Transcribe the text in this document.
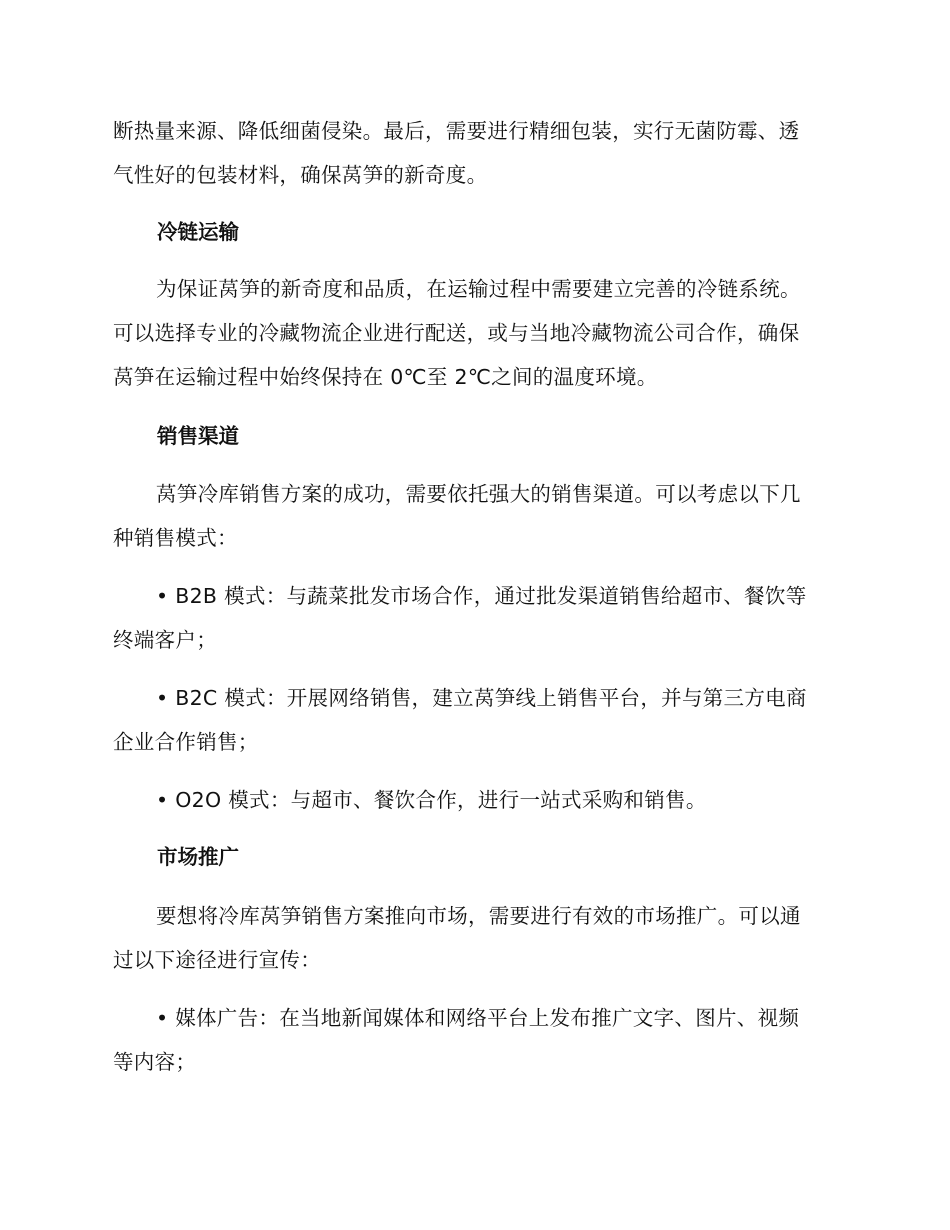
断热量来源、降低细菌侵染。最后，需要进行精细包装，实行无菌防霉、透
气性好的包装材料，确保莴笋的新奇度。
冷链运输
为保证莴笋的新奇度和品质，在运输过程中需要建立完善的冷链系统。
可以选择专业的冷藏物流企业进行配送，或与当地冷藏物流公司合作，确保
莴笋在运输过程中始终保持在 0℃至 2℃之间的温度环境。
销售渠道
莴笋冷库销售方案的成功，需要依托强大的销售渠道。可以考虑以下几
种销售模式：
• B2B 模式：与蔬菜批发市场合作，通过批发渠道销售给超市、餐饮等
终端客户；
• B2C 模式：开展网络销售，建立莴笋线上销售平台，并与第三方电商
企业合作销售；
• O2O 模式：与超市、餐饮合作，进行一站式采购和销售。
市场推广
要想将冷库莴笋销售方案推向市场，需要进行有效的市场推广。可以通
过以下途径进行宣传：
• 媒体广告：在当地新闻媒体和网络平台上发布推广文字、图片、视频
等内容；
